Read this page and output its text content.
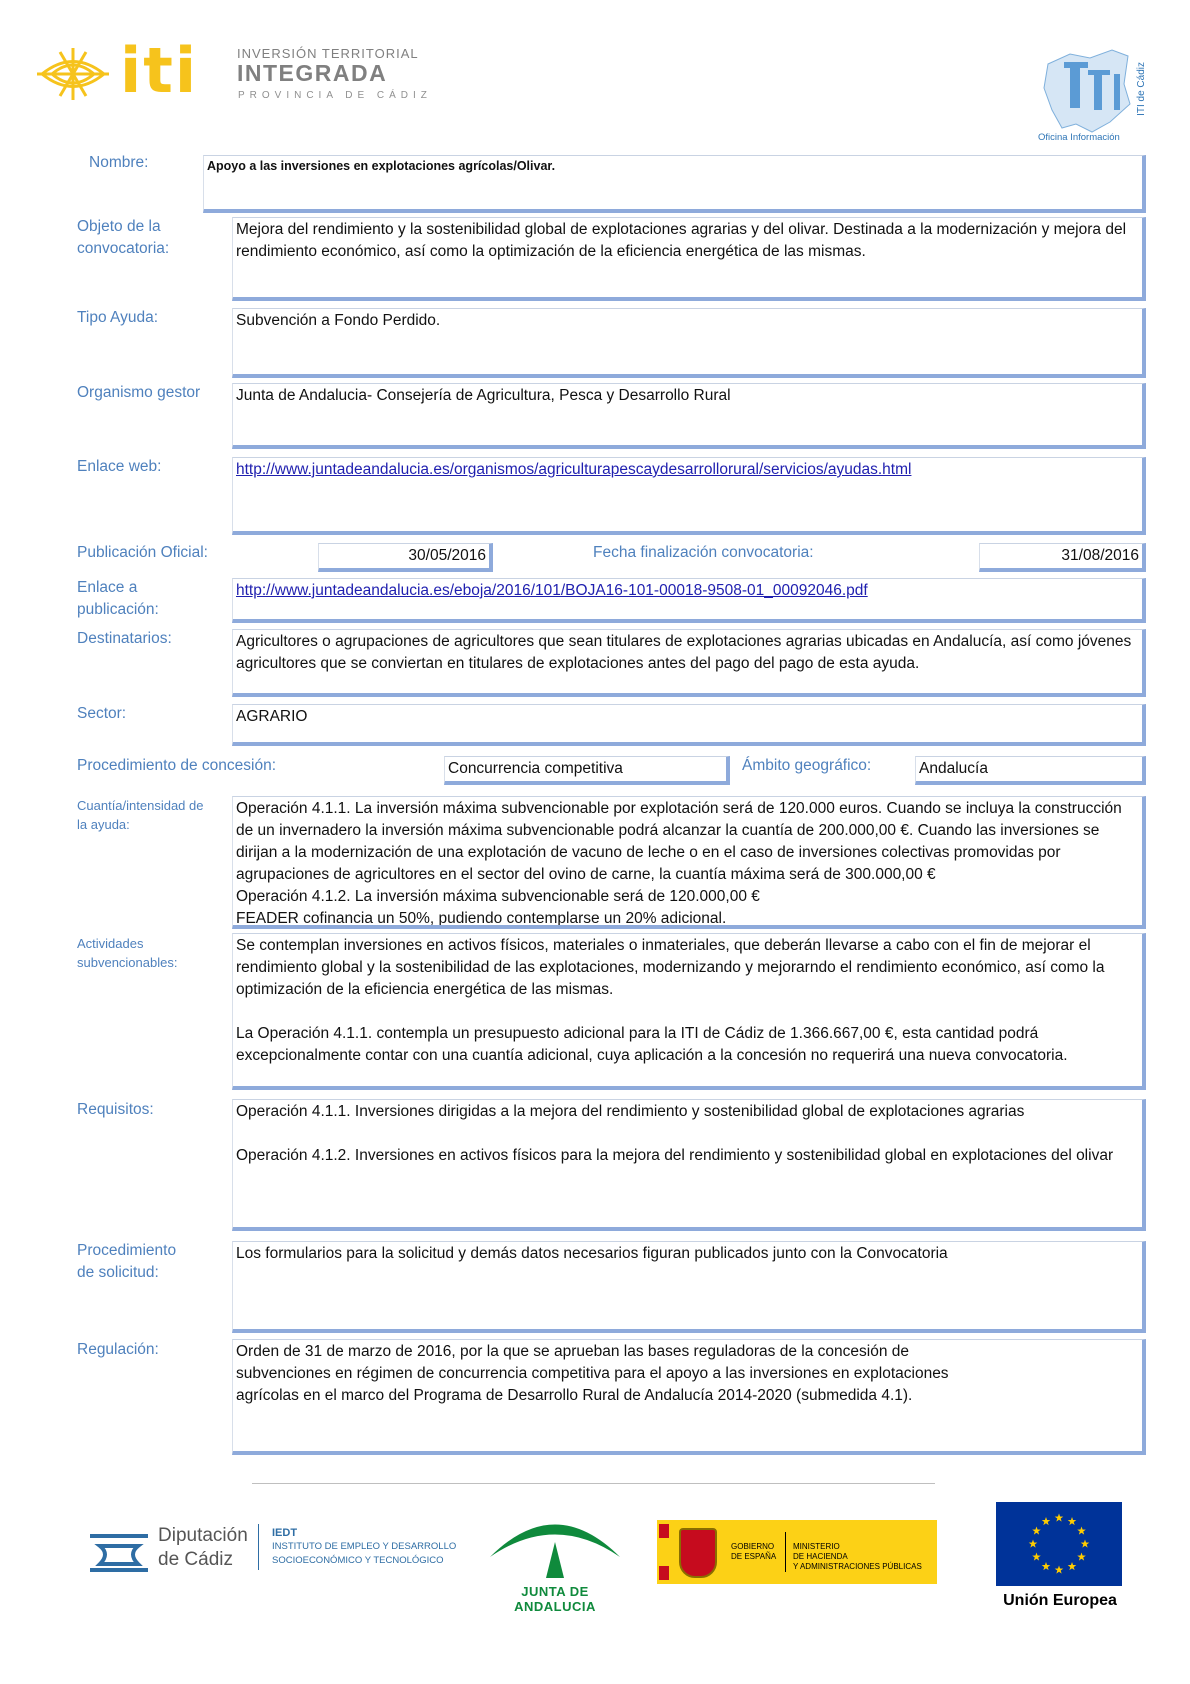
iti	INVERSIÓN TERRITORIAL
INTEGRADA
PROVINCIA DE CÁDIZ	ITI de Cádiz
Oficina Información
Nombre:	Apoyo a las inversiones en explotaciones agrícolas/Olivar.
Objeto de la
convocatoria:
Mejora del rendimiento y la sostenibilidad global de explotaciones agrarias y del olivar. Destinada a la modernización y mejora del rendimiento económico, así como la optimización de la eficiencia energética de las mismas.
Tipo Ayuda:	Subvención a Fondo Perdido.
Organismo gestor Junta de Andalucia- Consejería de Agricultura, Pesca y Desarrollo Rural
Enlace web:	http://www.juntadeandalucia.es/organismos/agriculturapescaydesarrollorural/servicios/ayudas.html
Publicación Oficial:	30/05/2016	Fecha finalización convocatoria:	31/08/2016
Enlace a
publicación:
http://www.juntadeandalucia.es/eboja/2016/101/BOJA16-101-00018-9508-01_00092046.pdf
Destinatarios:	Agricultores o agrupaciones de agricultores que sean titulares de explotaciones agrarias ubicadas en Andalucía, así como jóvenes agricultores que se conviertan en titulares de explotaciones antes del pago del pago de esta ayuda.
Sector:	AGRARIO
Procedimiento de concesión:	Concurrencia competitiva	Ámbito geográfico:	Andalucía
Cuantía/intensidad de
la ayuda:
Operación 4.1.1. La inversión máxima subvencionable por explotación será de 120.000 euros. Cuando se incluya la construcción de un invernadero la inversión máxima subvencionable podrá alcanzar la cuantía de 200.000,00 €. Cuando las inversiones se dirijan a la modernización de una explotación de vacuno de leche o en el caso de inversiones colectivas promovidas por agrupaciones de agricultores en el sector del ovino de carne, la cuantía máxima será de 300.000,00 €
Operación 4.1.2. La inversión máxima subvencionable será de 120.000,00 €
FEADER cofinancia un 50%, pudiendo contemplarse un 20% adicional.
Actividades
subvencionables:
Se contemplan inversiones en activos físicos, materiales o inmateriales, que deberán llevarse a cabo con el fin de mejorar el rendimiento global y la sostenibilidad de las explotaciones, modernizando y mejorarndo el rendimiento económico, así como la optimización de la eficiencia energética de las mismas.
La Operación 4.1.1. contempla un presupuesto adicional para la ITI de Cádiz de 1.366.667,00 €, esta cantidad podrá excepcionalmente contar con una cuantía adicional, cuya aplicación a la concesión no requerirá una nueva convocatoria.
Requisitos:	Operación 4.1.1. Inversiones dirigidas a la mejora del rendimiento y sostenibilidad global de explotaciones agrarias
Operación 4.1.2. Inversiones en activos físicos para la mejora del rendimiento y sostenibilidad global en explotaciones del olivar
Procedimiento
de solicitud:
Los formularios para la solicitud y demás datos necesarios figuran publicados junto con la Convocatoria
Regulación:	Orden de 31 de marzo de 2016, por la que se aprueban las bases reguladoras de la concesión de
subvenciones en régimen de concurrencia competitiva para el apoyo a las inversiones en explotaciones
agrícolas en el marco del Programa de Desarrollo Rural de Andalucía 2014-2020 (submedida 4.1).
Diputación
de Cádiz
IEDT
INSTITUTO DE EMPLEO Y DESARROLLO
SOCIOECONÓMICO Y TECNOLÓGICO
JUNTA DE ANDALUCIA
GOBIERNO
DE ESPAÑA
MINISTERIO
DE HACIENDA
Y ADMINISTRACIONES PÚBLICAS
Unión Europea
